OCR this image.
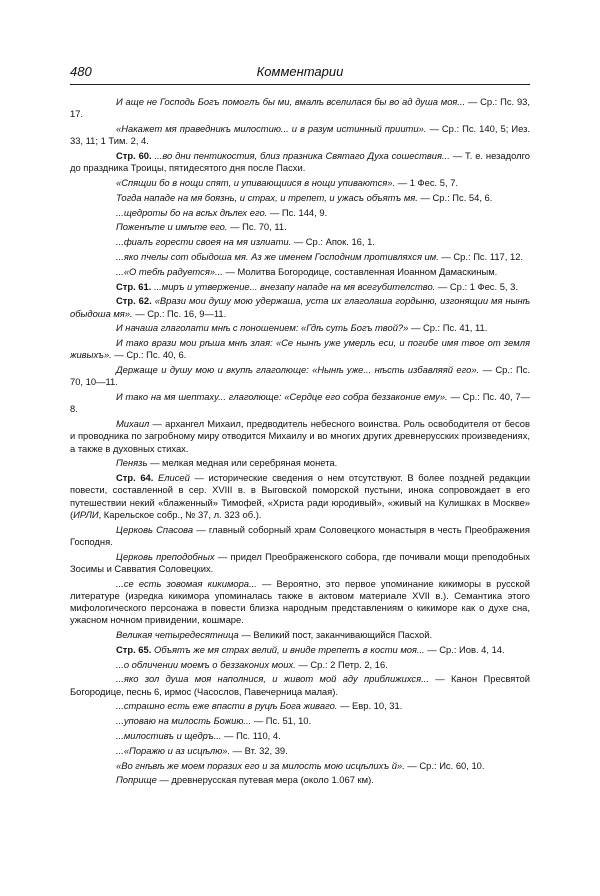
480	Комментарии

И аще не Господь Богъ помоглъ бы ми, вмалѣ вселилася бы во ад душа моя... — Ср.: Пс. 93, 17.

«Накажет мя праведникъ милостию... и в разум истинный приити». — Ср.: Пс. 140, 5; Иез. 33, 11; 1 Тим. 2, 4.

Стр. 60. ...во дни пентикостия, близ празника Святаго Духа сошествия... — Т. е. незадолго до праздника Троицы, пятидесятого дня после Пасхи.

«Спящии бо в нощи спят, и упивающиися в нощи упиваются». — 1 Фес. 5, 7.

Тогда нападе на мя боязнь, и страх, и трепет, и ужасъ объятъ мя. — Ср.: Пс. 54, 6.

...щедроты бо на всѣх дѣлех его. — Пс. 144, 9.

Поженѣте и имѣте его. — Пс. 70, 11.

...фиалъ горести своея на мя излиати. — Ср.: Апок. 16, 1.

...яко пчелы сот обыдоша мя. Аз же именем Господним противляхся им. — Ср.: Пс. 117, 12.

...«О тебѣ радуется»... — Молитва Богородице, составленная Иоанном Дамаскиным.

Стр. 61. ...миръ и утвержение... внезапу нападе на мя всегубителство. — Ср.: 1 Фес. 5, 3.

Стр. 62. «Врази мои душу мою удержаша, уста их глаголаша гордыню, изгонящии мя нынѣ обыдоша мя». — Ср.: Пс. 16, 9—11.

И начаша глаголати мнѣ с поношением: «Гдѣ суть Богъ твой?» — Ср.: Пс. 41, 11.

И тако врази мои рѣша мнѣ злая: «Се нынѣ уже умерль еси, и погибе имя твое от земля живыхъ». — Ср.: Пс. 40, 6.

Держаще и душу мою и вкупѣ глаголюще: «Нынѣ уже... нѣсть избавляяй его». — Ср.: Пс. 70, 10—11.

И тако на мя шептаху... глаголюще: «Сердце его собра беззаконие ему». — Ср.: Пс. 40, 7—8.

Михаил — архангел Михаил, предводитель небесного воинства. Роль освободителя от бесов и проводника по загробному миру отводится Михаилу и во многих других древнерусских произведениях, а также в духовных стихах.

Пенязь — мелкая медная или серебряная монета.

Стр. 64. Елисей — исторические сведения о нем отсутствуют. В более поздней редакции повести, составленной в сер. XVIII в. в Выговской поморской пустыни, инока сопровождает в его путешествии некий «блаженный» Тимофей, «Христа ради юродивый», «живый на Кулишках в Москве» (ИРЛИ, Карельское собр., № 37, л. 323 об.).

Церковь Спасова — главный соборный храм Соловецкого монастыря в честь Преображения Господня.

Церковь преподобных — придел Преображенского собора, где почивали мощи преподобных Зосимы и Савватия Соловецких.

...се есть зовомая кикимора... — Вероятно, это первое упоминание кикиморы в русской литературе (изредка кикимора упоминалась также в актовом материале XVII в.). Семантика этого мифологического персонажа в повести близка народным представлениям о кикиморе как о духе сна, ужасном ночном привидении, кошмаре.

Великая четыредесятница — Великий пост, заканчивающийся Пасхой.

Стр. 65. Объятъ же мя страх велий, и вниде трепетъ в кости моя... — Ср.: Иов. 4, 14.

...о обличении моемъ о беззаконих моих. — Ср.: 2 Петр. 2, 16.

...яко зол душа моя наполнися, и живот мой аду приближихся... — Канон Пресвятой Богородице, песнь 6, ирмос (Часослов, Павечерница малая).

...страшно есть еже впасти в руцѣ Бога живаго. — Евр. 10, 31.

...уповаю на милость Божию... — Пс. 51, 10.

...милостивъ и щедръ... — Пс. 110, 4.

...«Поражю и аз исцѣлю». — Вт. 32, 39.

«Во гнѣвѣ же моем поразих его и за милость мою исцѣлихъ й». — Ср.: Ис. 60, 10.

Поприще — древнерусская путевая мера (около 1.067 км).
